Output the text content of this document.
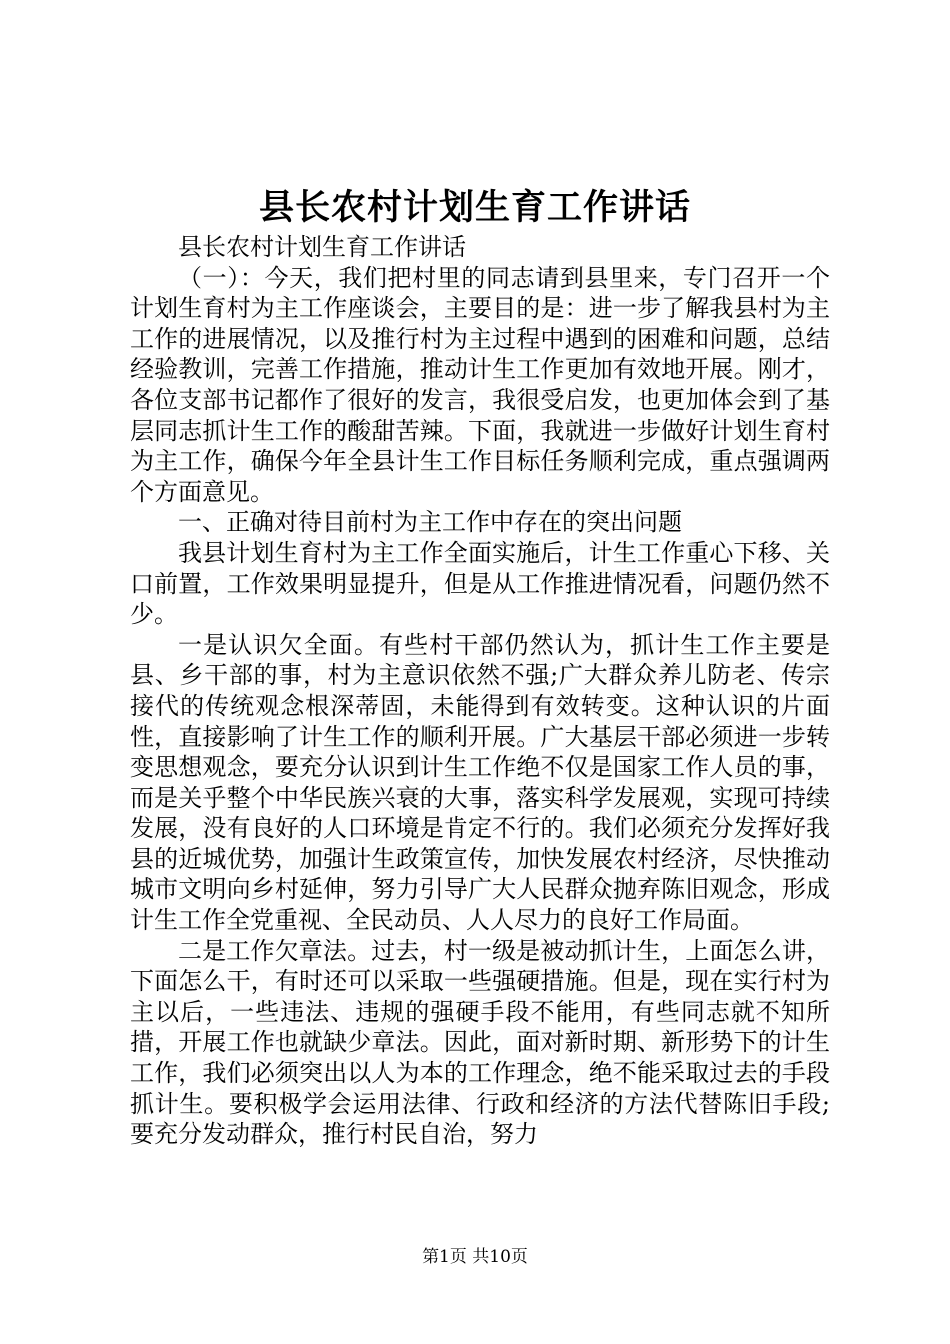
县长农村计划生育工作讲话

县长农村计划生育工作讲话

（一）：今天，我们把村里的同志请到县里来，专门召开一个计划生育村为主工作座谈会，主要目的是：进一步了解我县村为主工作的进展情况，以及推行村为主过程中遇到的困难和问题，总结经验教训，完善工作措施，推动计生工作更加有效地开展。刚才，各位支部书记都作了很好的发言，我很受启发，也更加体会到了基层同志抓计生工作的酸甜苦辣。下面，我就进一步做好计划生育村为主工作，确保今年全县计生工作目标任务顺利完成，重点强调两个方面意见。

一、正确对待目前村为主工作中存在的突出问题

我县计划生育村为主工作全面实施后，计生工作重心下移、关口前置，工作效果明显提升，但是从工作推进情况看，问题仍然不少。

一是认识欠全面。有些村干部仍然认为，抓计生工作主要是县、乡干部的事，村为主意识依然不强;广大群众养儿防老、传宗接代的传统观念根深蒂固，未能得到有效转变。这种认识的片面性，直接影响了计生工作的顺利开展。广大基层干部必须进一步转变思想观念，要充分认识到计生工作绝不仅是国家工作人员的事，而是关乎整个中华民族兴衰的大事，落实科学发展观，实现可持续发展，没有良好的人口环境是肯定不行的。我们必须充分发挥好我县的近城优势，加强计生政策宣传，加快发展农村经济，尽快推动城市文明向乡村延伸，努力引导广大人民群众抛弃陈旧观念，形成计生工作全党重视、全民动员、人人尽力的良好工作局面。

二是工作欠章法。过去，村一级是被动抓计生，上面怎么讲，下面怎么干，有时还可以采取一些强硬措施。但是，现在实行村为主以后，一些违法、违规的强硬手段不能用，有些同志就不知所措，开展工作也就缺少章法。因此，面对新时期、新形势下的计生工作，我们必须突出以人为本的工作理念，绝不能采取过去的手段抓计生。要积极学会运用法律、行政和经济的方法代替陈旧手段;要充分发动群众，推行村民自治，努力

第1页 共10页
